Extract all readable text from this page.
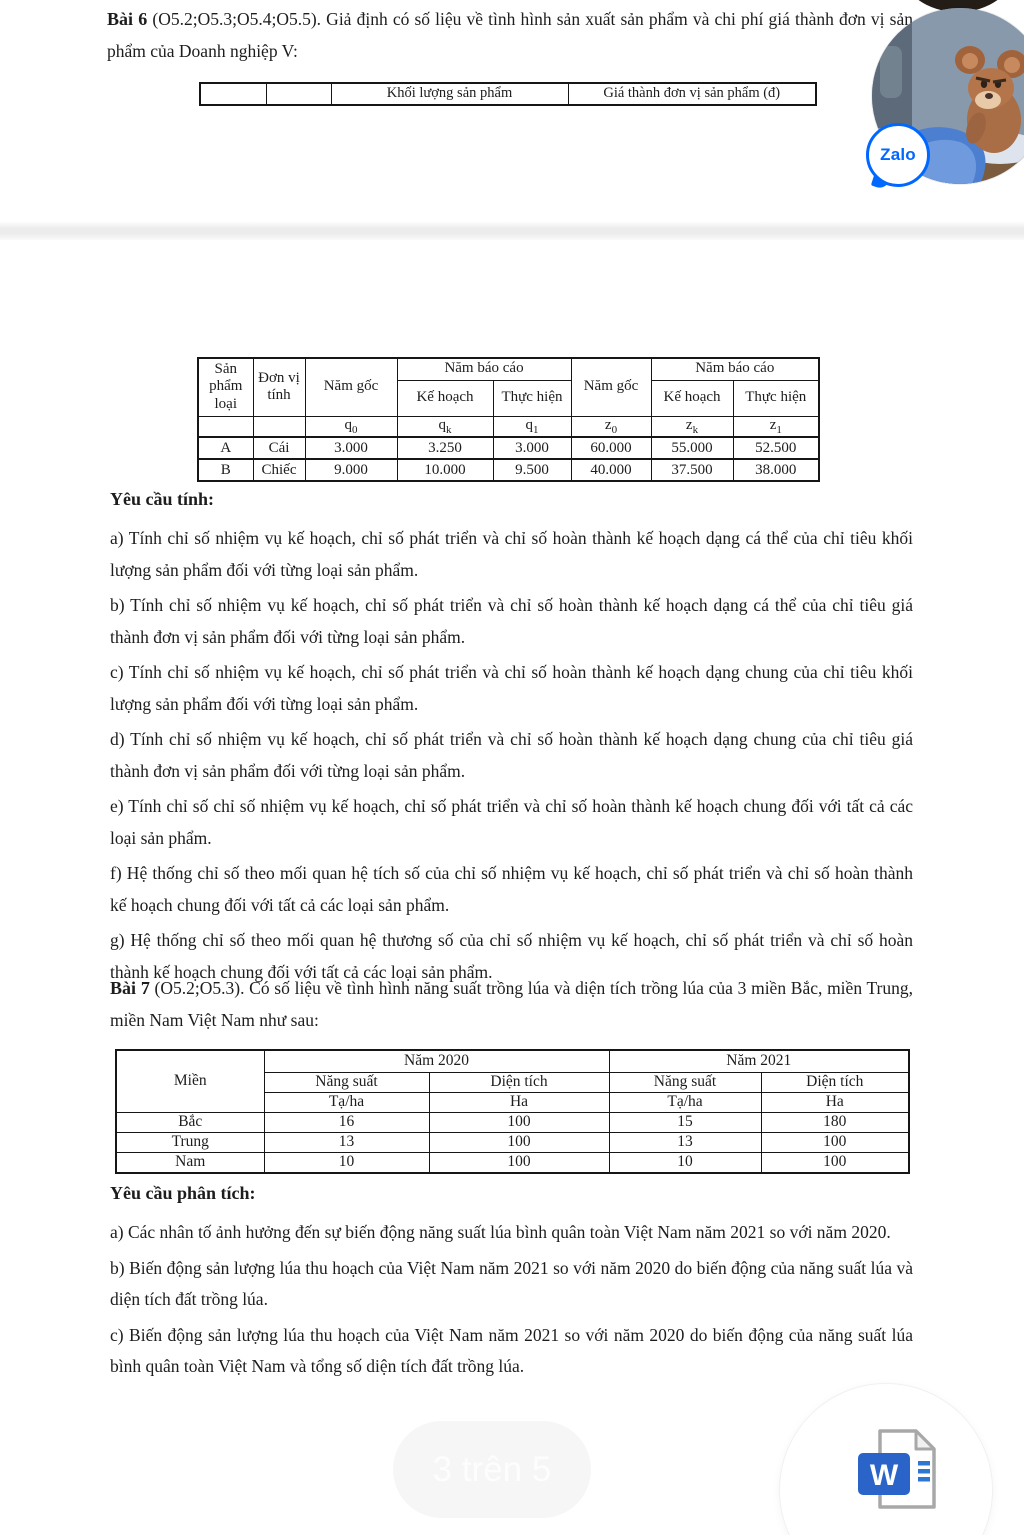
Bài 6 (O5.2;O5.3;O5.4;O5.5). Giả định có số liệu về tình hình sản xuất sản phẩm và chi phí giá thành đơn vị sản phẩm của Doanh nghiệp V:

		Khối lượng sản phẩm	Giá thành đơn vị sản phẩm (đ)
Sản phẩm loại	Đơn vị tính	Năm gốc	Năm báo cáo		Năm gốc	Năm báo cáo	
			Kế hoạch	Thực hiện		Kế hoạch	Thực hiện
		$q_0$	$q_k$	$q_1$	$z_0$	$z_k$	$z_1$
A	Cái	3.000	3.250	3.000	60.000	55.000	52.500
B	Chiếc	9.000	10.000	9.500	40.000	37.500	38.000

Yêu cầu tính:

a) Tính chỉ số nhiệm vụ kế hoạch, chỉ số phát triển và chỉ số hoàn thành kế hoạch dạng cá thể của chỉ tiêu khối lượng sản phẩm đối với từng loại sản phẩm.

b) Tính chỉ số nhiệm vụ kế hoạch, chỉ số phát triển và chỉ số hoàn thành kế hoạch dạng cá thể của chỉ tiêu giá thành đơn vị sản phẩm đối với từng loại sản phẩm.

c) Tính chỉ số nhiệm vụ kế hoạch, chỉ số phát triển và chỉ số hoàn thành kế hoạch dạng chung của chỉ tiêu khối lượng sản phẩm đối với từng loại sản phẩm.

d) Tính chỉ số nhiệm vụ kế hoạch, chỉ số phát triển và chỉ số hoàn thành kế hoạch dạng chung của chỉ tiêu giá thành đơn vị sản phẩm đối với từng loại sản phẩm.

e) Tính chỉ số chỉ số nhiệm vụ kế hoạch, chỉ số phát triển và chỉ số hoàn thành kế hoạch chung đối với tất cả các loại sản phẩm.

f) Hệ thống chỉ số theo mối quan hệ tích số của chỉ số nhiệm vụ kế hoạch, chỉ số phát triển và chỉ số hoàn thành kế hoạch chung đối với tất cả các loại sản phẩm.

g) Hệ thống chỉ số theo mối quan hệ thương số của chỉ số nhiệm vụ kế hoạch, chỉ số phát triển và chỉ số hoàn thành kế hoạch chung đối với tất cả các loại sản phẩm.

Bài 7 (O5.2;O5.3). Có số liệu về tình hình năng suất trồng lúa và diện tích trồng lúa của 3 miền Bắc, miền Trung, miền Nam Việt Nam như sau:

Miền	Năm 2020		Năm 2021	
	Năng suất	Diện tích	Năng suất	Diện tích
	Tạ/ha	Ha	Tạ/ha	Ha
Bắc	16	100	15	180
Trung	13	100	13	100
Nam	10	100	10	100

Yêu cầu phân tích:

a) Các nhân tố ảnh hưởng đến sự biến động năng suất lúa bình quân toàn Việt Nam năm 2021 so với năm 2020.

b) Biến động sản lượng lúa thu hoạch của Việt Nam năm 2021 so với năm 2020 do biến động của năng suất lúa và diện tích đất trồng lúa.

c) Biến động sản lượng lúa thu hoạch của Việt Nam năm 2021 so với năm 2020 do biến động của năng suất lúa bình quân toàn Việt Nam và tổng số diện tích đất trồng lúa.

Zalo
3 trên 5	W
